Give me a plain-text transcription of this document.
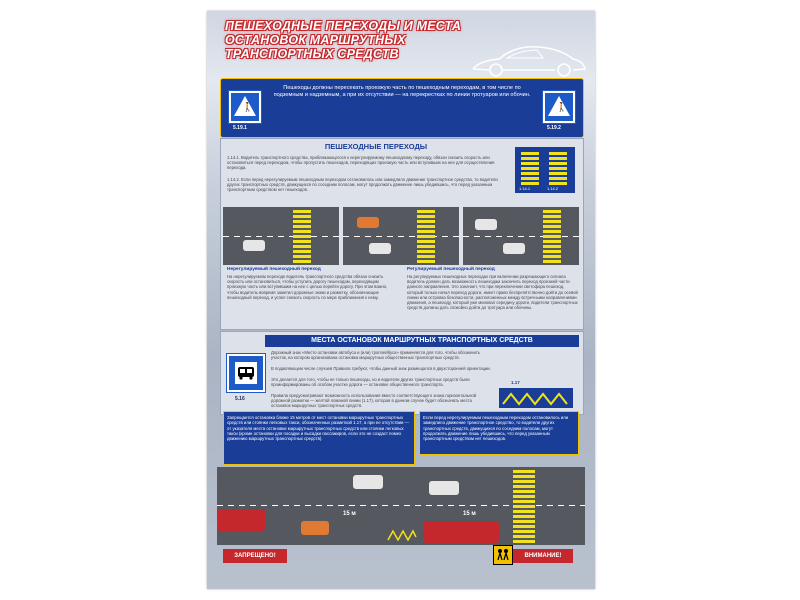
ПЕШЕХОДНЫЕ ПЕРЕХОДЫ И МЕСТА ОСТАНОВОК МАРШРУТНЫХ ТРАНСПОРТНЫХ СРЕДСТВ
🚶
5.19.1
Пешеходы должны пересекать проезжую часть по пешеходным переходам, в том числе по подземным и надземным, а при их отсутствии — на перекрестках по линии тротуаров или обочин.
🚶
5.19.2
ПЕШЕХОДНЫЕ ПЕРЕХОДЫ
1.14.1. Водитель транспортного средства, приближающегося к нерегулируемому пешеходному переходу, обязан снизить скорость или остановиться перед переходом, чтобы пропустить пешеходов, переходящих проезжую часть или вступивших на нее для осуществления перехода.
1.14.2. Если перед нерегулируемым пешеходным переходом остановилось или замедлило движение транспортное средство, то водители других транспортных средств, движущихся по соседним полосам, могут продолжать движение лишь убедившись, что перед указанным транспортным средством нет пешеходов.	1.14.1	1.14.2
Нерегулируемый пешеходный переход	Регулируемый пешеходный переход
На нерегулируемом переходе водитель транспортного средства обязан снизить скорость или остановиться, чтобы уступить дорогу пешеходам, переходящим проезжую часть или вступившим на нее с целью перейти дорогу. При этом важно, чтобы водитель вовремя заметил дорожные знаки и разметку, обозначающие пешеходный переход, и успел снизить скорость по мере приближения к нему.
На регулируемых пешеходных переходах при включении разрешающего сигнала водитель должен дать возможность пешеходам закончить переход проезжей части данного направления. Это означает, что при переключении светофора пешеход, который только начал переход дороги, имеет право беспрепятственно дойти до осевой линии или островка безопасности, расположенных между встречными направлениями движения, а пешеходу, который уже миновал середину дороги, водители транспортных средств должны дать спокойно дойти до тротуара или обочины.
МЕСТА ОСТАНОВОК МАРШРУТНЫХ ТРАНСПОРТНЫХ СРЕДСТВ
5.16
Дорожный знак «Место остановки автобуса и (или) троллейбуса» применяется для того, чтобы обозначить участок, на котором организована остановка маршрутных общественных транспортных средств.
В подавляющем числе случаев Правила требуют, чтобы данный знак размещался в двухсторонней ориентации.
Это делается для того, чтобы не только пешеходы, но и водители других транспортных средств были проинформированы об особом участке дороги — остановке общественного транспорта.
Правила предусматривают возможность использования вместо соответствующего знака горизонтальной дорожной разметки — желтой ломаной линии (1.17), которая в данном случае будет обозначать места остановок маршрутных транспортных средств.
1.17
Запрещается остановка ближе 15 метров от мест остановки маршрутных транспортных средств или стоянки легковых такси, обозначенных разметкой 1.17, а при ее отсутствии — от указателя места остановки маршрутных транспортных средств или стоянки легковых такси (кроме остановки для посадки и высадки пассажиров, если это не создаст помех движению маршрутных транспортных средств).
Если перед нерегулируемым пешеходным переходом остановилось или замедлило движение транспортное средство, то водители других транспортных средств, движущихся по соседним полосам, могут продолжать движение лишь убедившись, что перед указанным транспортным средством нет пешеходов.
15 м	15 м
ЗАПРЕЩЕНО!	ВНИМАНИЕ!
